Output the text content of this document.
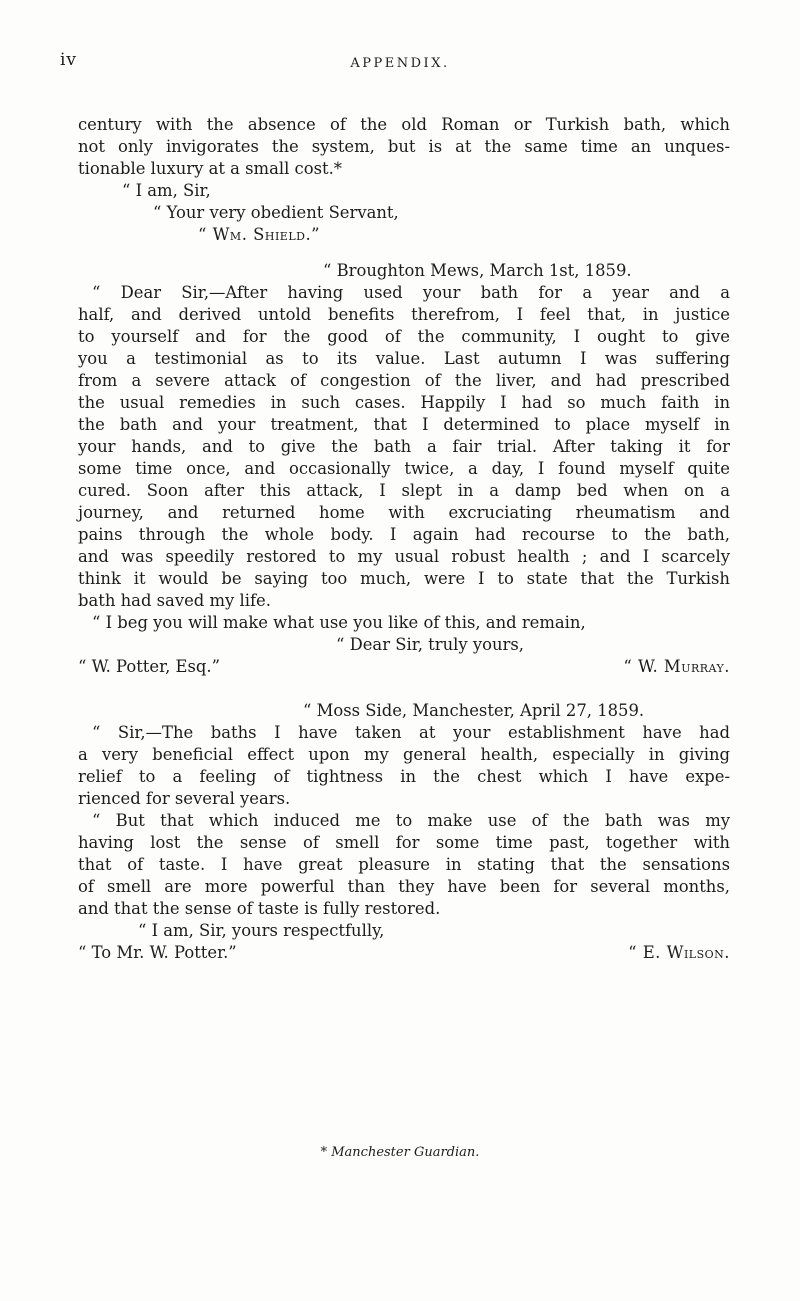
iv	APPENDIX.
century with the absence of the old Roman or Turkish bath, which
not only invigorates the system, but is at the same time an unques-
tionable luxury at a small cost.*
“ I am, Sir,
“ Your very obedient Servant,
“ Wm. Shield.”
“ Broughton Mews, March 1st, 1859.
“ Dear Sir,—After having used your bath for a year and a
half, and derived untold benefits therefrom, I feel that, in justice
to yourself and for the good of the community, I ought to give
you a testimonial as to its value. Last autumn I was suffering
from a severe attack of congestion of the liver, and had prescribed
the usual remedies in such cases. Happily I had so much faith in
the bath and your treatment, that I determined to place myself in
your hands, and to give the bath a fair trial. After taking it for
some time once, and occasionally twice, a day, I found myself quite
cured. Soon after this attack, I slept in a damp bed when on a
journey, and returned home with excruciating rheumatism and
pains through the whole body. I again had recourse to the bath,
and was speedily restored to my usual robust health ; and I scarcely
think it would be saying too much, were I to state that the Turkish
bath had saved my life.
“ I beg you will make what use you like of this, and remain,
“ Dear Sir, truly yours,
“ W. Potter, Esq.”	“ W. Murray.
“ Moss Side, Manchester, April 27, 1859.
“ Sir,—The baths I have taken at your establishment have had
a very beneficial effect upon my general health, especially in giving
relief to a feeling of tightness in the chest which I have expe-
rienced for several years.
“ But that which induced me to make use of the bath was my
having lost the sense of smell for some time past, together with
that of taste. I have great pleasure in stating that the sensations
of smell are more powerful than they have been for several months,
and that the sense of taste is fully restored.
“ I am, Sir, yours respectfully,
“ To Mr. W. Potter.”	“ E. Wilson.
* Manchester Guardian.
